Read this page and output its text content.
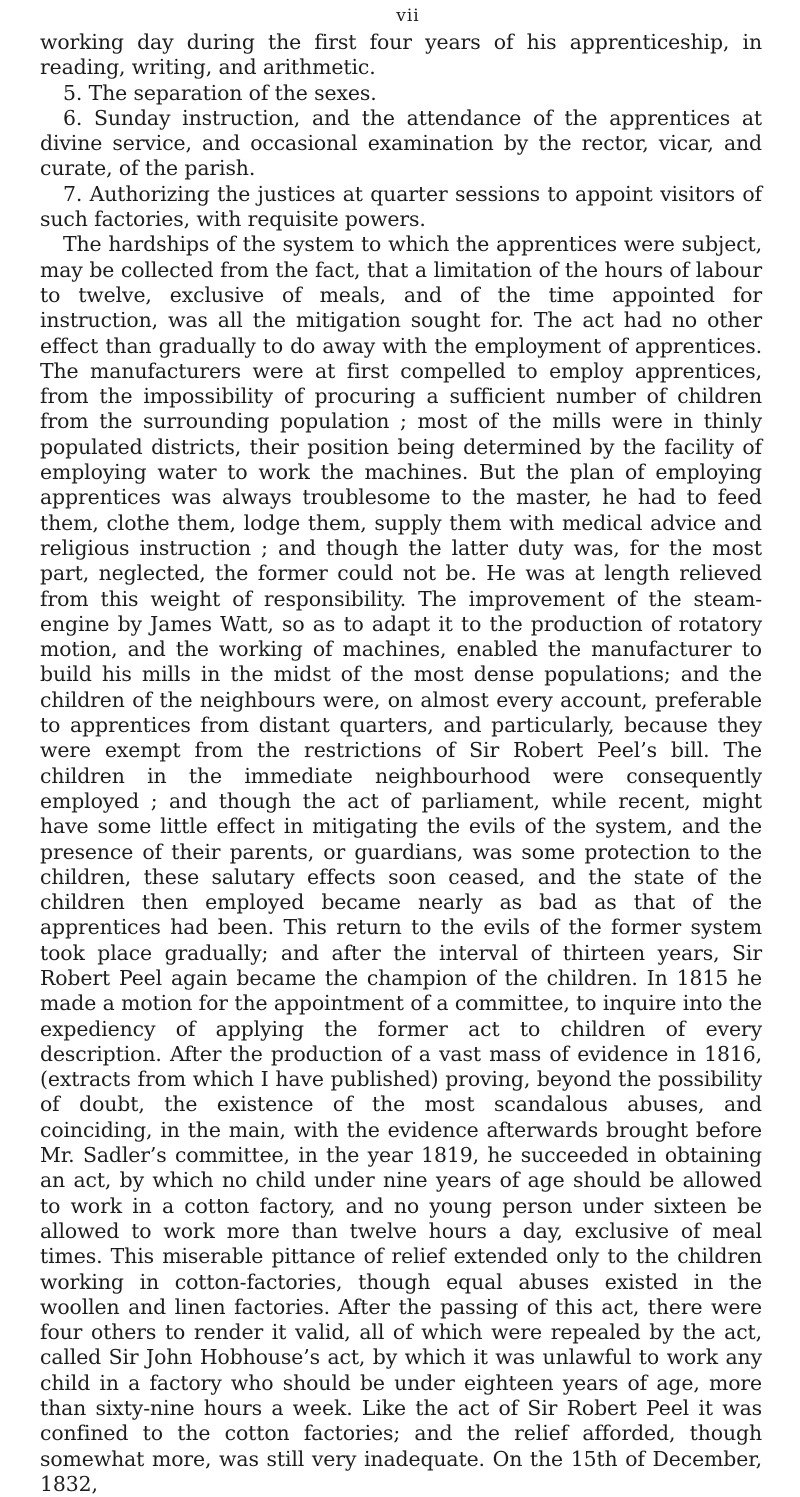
vii

working day during the first four years of his apprenticeship, in reading, writing, and arithmetic.

5. The separation of the sexes.

6. Sunday instruction, and the attendance of the apprentices at divine service, and occasional examination by the rector, vicar, and curate, of the parish.

7. Authorizing the justices at quarter sessions to appoint visitors of such factories, with requisite powers.

The hardships of the system to which the apprentices were subject, may be collected from the fact, that a limitation of the hours of labour to twelve, exclusive of meals, and of the time appointed for instruction, was all the mitigation sought for. The act had no other effect than gradually to do away with the employment of apprentices. The manufacturers were at first compelled to employ apprentices, from the impossibility of procuring a sufficient number of children from the surrounding population ; most of the mills were in thinly populated districts, their position being determined by the facility of employing water to work the machines. But the plan of employing apprentices was always troublesome to the master, he had to feed them, clothe them, lodge them, supply them with medical advice and religious instruction ; and though the latter duty was, for the most part, neglected, the former could not be. He was at length relieved from this weight of responsibility. The improvement of the steam-engine by James Watt, so as to adapt it to the production of rotatory motion, and the working of machines, enabled the manufacturer to build his mills in the midst of the most dense populations; and the children of the neighbours were, on almost every account, preferable to apprentices from distant quarters, and particularly, because they were exempt from the restrictions of Sir Robert Peel’s bill. The children in the immediate neighbourhood were consequently employed ; and though the act of parliament, while recent, might have some little effect in mitigating the evils of the system, and the presence of their parents, or guardians, was some protection to the children, these salutary effects soon ceased, and the state of the children then employed became nearly as bad as that of the apprentices had been. This return to the evils of the former system took place gradually; and after the interval of thirteen years, Sir Robert Peel again became the champion of the children. In 1815 he made a motion for the appointment of a committee, to inquire into the expediency of applying the former act to children of every description. After the production of a vast mass of evidence in 1816, (extracts from which I have published) proving, beyond the possibility of doubt, the existence of the most scandalous abuses, and coinciding, in the main, with the evidence afterwards brought before Mr. Sadler’s committee, in the year 1819, he succeeded in obtaining an act, by which no child under nine years of age should be allowed to work in a cotton factory, and no young person under sixteen be allowed to work more than twelve hours a day, exclusive of meal times. This miserable pittance of relief extended only to the children working in cotton-factories, though equal abuses existed in the woollen and linen factories. After the passing of this act, there were four others to render it valid, all of which were repealed by the act, called Sir John Hobhouse’s act, by which it was unlawful to work any child in a factory who should be under eighteen years of age, more than sixty-nine hours a week. Like the act of Sir Robert Peel it was confined to the cotton factories; and the relief afforded, though somewhat more, was still very inadequate. On the 15th of December, 1832,
